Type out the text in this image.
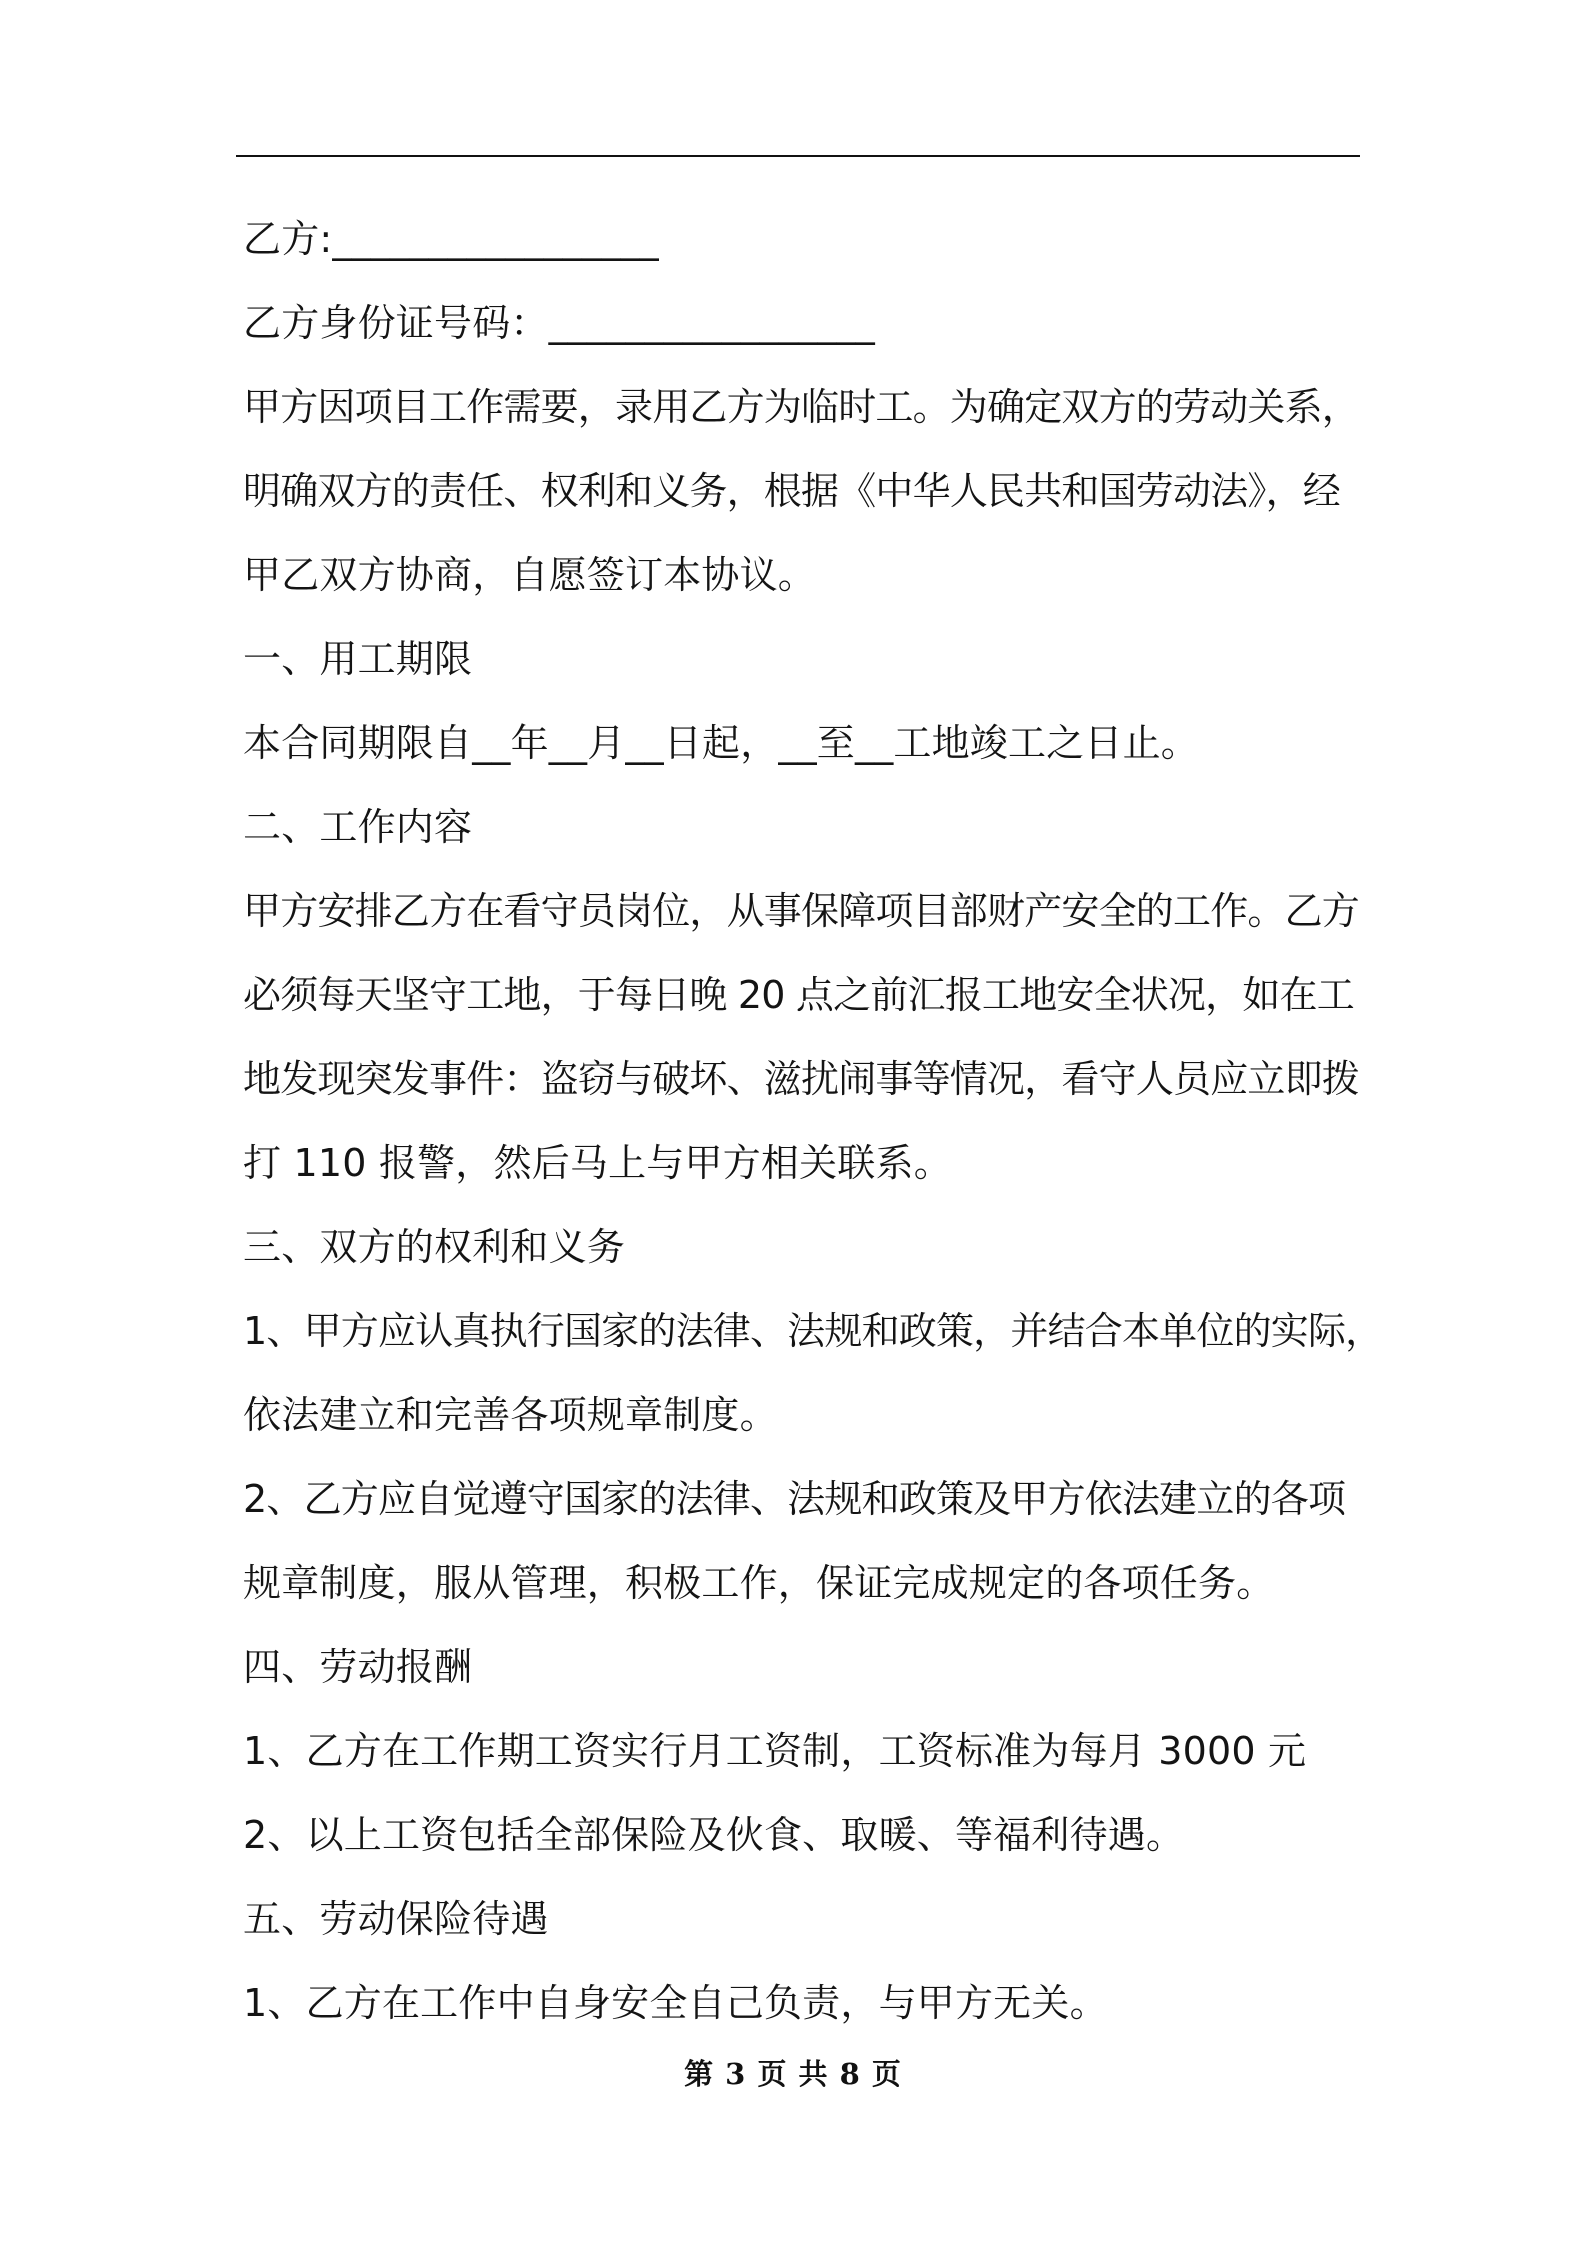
乙方:_________________
乙方身份证号码：_________________
甲方因项目工作需要，录用乙方为临时工。为确定双方的劳动关系，
明确双方的责任、权利和义务，根据《中华人民共和国劳动法》，经
甲乙双方协商，自愿签订本协议。
一、用工期限
本合同期限自__年__月__日起，__至__工地竣工之日止。
二、工作内容
甲方安排乙方在看守员岗位，从事保障项目部财产安全的工作。乙方
必须每天坚守工地，于每日晚 20 点之前汇报工地安全状况，如在工
地发现突发事件：盗窃与破坏、滋扰闹事等情况，看守人员应立即拨
打 110 报警，然后马上与甲方相关联系。
三、双方的权利和义务
1、甲方应认真执行国家的法律、法规和政策，并结合本单位的实际，
依法建立和完善各项规章制度。
2、乙方应自觉遵守国家的法律、法规和政策及甲方依法建立的各项
规章制度，服从管理，积极工作，保证完成规定的各项任务。
四、劳动报酬
1、乙方在工作期工资实行月工资制，工资标准为每月 3000 元
2、以上工资包括全部保险及伙食、取暖、等福利待遇。
五、劳动保险待遇
1、乙方在工作中自身安全自己负责，与甲方无关。
第 3 页 共 8 页
